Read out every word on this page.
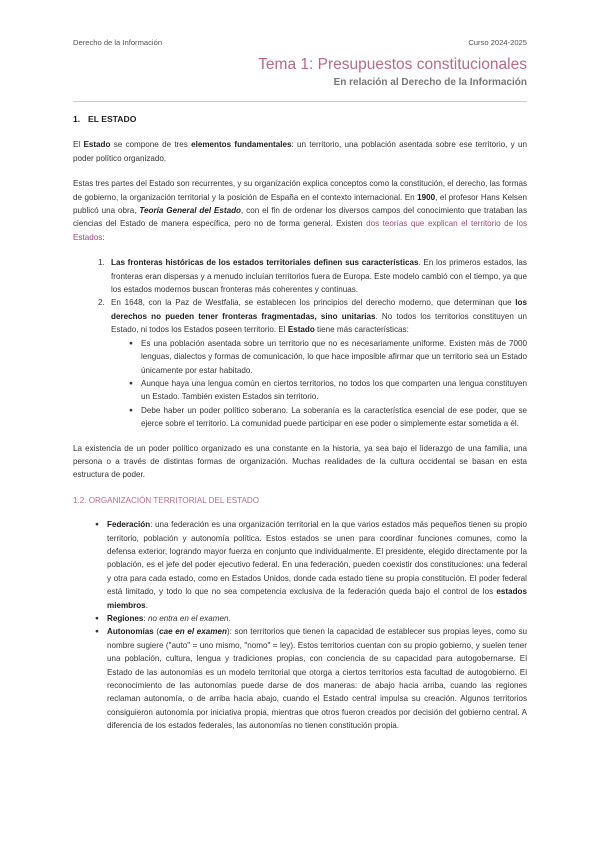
Derecho de la Información	Curso 2024-2025
Tema 1: Presupuestos constitucionales
En relación al Derecho de la Información
1. EL ESTADO

El Estado se compone de tres elementos fundamentales: un territorio, una población asentada sobre ese territorio, y un poder político organizado.

Estas tres partes del Estado son recurrentes, y su organización explica conceptos como la constitución, el derecho, las formas de gobierno, la organización territorial y la posición de España en el contexto internacional. En 1900, el profesor Hans Kelsen publicó una obra, Teoría General del Estado, con el fin de ordenar los diversos campos del conocimiento que trataban las ciencias del Estado de manera específica, pero no de forma general. Existen dos teorías que explican el territorio de los Estados:

1. Las fronteras históricas de los estados territoriales definen sus características. En los primeros estados, las fronteras eran dispersas y a menudo incluían territorios fuera de Europa. Este modelo cambió con el tiempo, ya que los estados modernos buscan fronteras más coherentes y continuas.
2. En 1648, con la Paz de Westfalia, se establecen los principios del derecho moderno, que determinan que los derechos no pueden tener fronteras fragmentadas, sino unitarias. No todos los territorios constituyen un Estado, ni todos los Estados poseen territorio. El Estado tiene más características:
● Es una población asentada sobre un territorio que no es necesariamente uniforme. Existen más de 7000 lenguas, dialectos y formas de comunicación, lo que hace imposible afirmar que un territorio sea un Estado únicamente por estar habitado.
● Aunque haya una lengua común en ciertos territorios, no todos los que comparten una lengua constituyen un Estado. También existen Estados sin territorio.
● Debe haber un poder político soberano. La soberanía es la característica esencial de ese poder, que se ejerce sobre el territorio. La comunidad puede participar en ese poder o simplemente estar sometida a él.

La existencia de un poder político organizado es una constante en la historia, ya sea bajo el liderazgo de una familia, una persona o a través de distintas formas de organización. Muchas realidades de la cultura occidental se basan en esta estructura de poder.

1.2. ORGANIZACIÓN TERRITORIAL DEL ESTADO
● Federación: una federación es una organización territorial en la que varios estados más pequeños tienen su propio territorio, población y autonomía política. Estos estados se unen para coordinar funciones comunes, como la defensa exterior, logrando mayor fuerza en conjunto que individualmente. El presidente, elegido directamente por la población, es el jefe del poder ejecutivo federal. En una federación, pueden coexistir dos constituciones: una federal y otra para cada estado, como en Estados Unidos, donde cada estado tiene su propia constitución. El poder federal está limitado, y todo lo que no sea competencia exclusiva de la federación queda bajo el control de los estados miembros.
● Regiones: no entra en el examen.
● Autonomías (cae en el examen): son territorios que tienen la capacidad de establecer sus propias leyes, como su nombre sugiere ("auto" = uno mismo, "nomo" = ley). Estos territorios cuentan con su propio gobierno, y suelen tener una población, cultura, lengua y tradiciones propias, con conciencia de su capacidad para autogobernarse. El Estado de las autonomías es un modelo territorial que otorga a ciertos territorios esta facultad de autogobierno. El reconocimiento de las autonomías puede darse de dos maneras: de abajo hacia arriba, cuando las regiones reclaman autonomía, o de arriba hacia abajo, cuando el Estado central impulsa su creación. Algunos territorios consiguieron autonomía por iniciativa propia, mientras que otros fueron creados por decisión del gobierno central. A diferencia de los estados federales, las autonomías no tienen constitución propia.
